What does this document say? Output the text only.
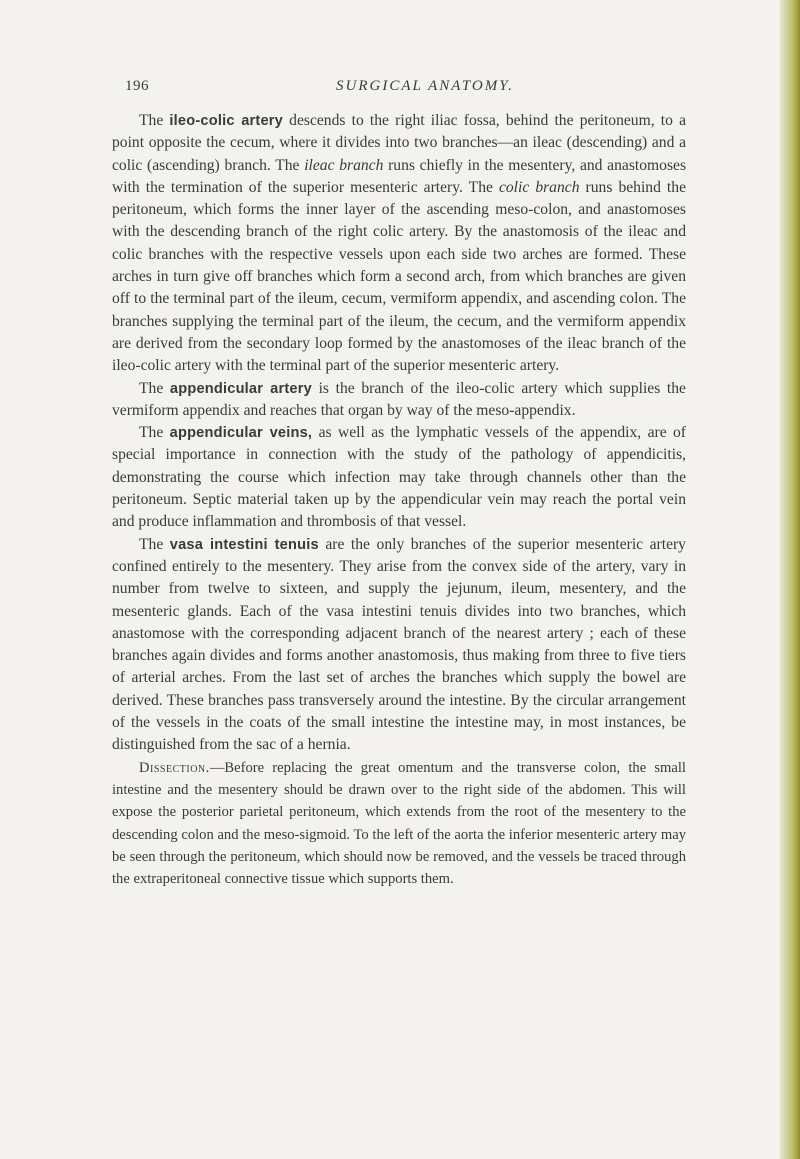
196	SURGICAL ANATOMY.

The ileo-colic artery descends to the right iliac fossa, behind the peritoneum, to a point opposite the cecum, where it divides into two branches—an ileac (descending) and a colic (ascending) branch. The ileac branch runs chiefly in the mesentery, and anastomoses with the termination of the superior mesenteric artery. The colic branch runs behind the peritoneum, which forms the inner layer of the ascending meso-colon, and anastomoses with the descending branch of the right colic artery. By the anastomosis of the ileac and colic branches with the respective vessels upon each side two arches are formed. These arches in turn give off branches which form a second arch, from which branches are given off to the terminal part of the ileum, cecum, vermiform appendix, and ascending colon. The branches supplying the terminal part of the ileum, the cecum, and the vermiform appendix are derived from the secondary loop formed by the anastomoses of the ileac branch of the ileo-colic artery with the terminal part of the superior mesenteric artery.

The appendicular artery is the branch of the ileo-colic artery which supplies the vermiform appendix and reaches that organ by way of the meso-appendix.

The appendicular veins, as well as the lymphatic vessels of the appendix, are of special importance in connection with the study of the pathology of appendicitis, demonstrating the course which infection may take through channels other than the peritoneum. Septic material taken up by the appendicular vein may reach the portal vein and produce inflammation and thrombosis of that vessel.

The vasa intestini tenuis are the only branches of the superior mesenteric artery confined entirely to the mesentery. They arise from the convex side of the artery, vary in number from twelve to sixteen, and supply the jejunum, ileum, mesentery, and the mesenteric glands. Each of the vasa intestini tenuis divides into two branches, which anastomose with the corresponding adjacent branch of the nearest artery ; each of these branches again divides and forms another anastomosis, thus making from three to five tiers of arterial arches. From the last set of arches the branches which supply the bowel are derived. These branches pass transversely around the intestine. By the circular arrangement of the vessels in the coats of the small intestine the intestine may, in most instances, be distinguished from the sac of a hernia.

Dissection.—Before replacing the great omentum and the transverse colon, the small intestine and the mesentery should be drawn over to the right side of the abdomen. This will expose the posterior parietal peritoneum, which extends from the root of the mesentery to the descending colon and the meso-sigmoid. To the left of the aorta the inferior mesenteric artery may be seen through the peritoneum, which should now be removed, and the vessels be traced through the extraperitoneal connective tissue which supports them.
